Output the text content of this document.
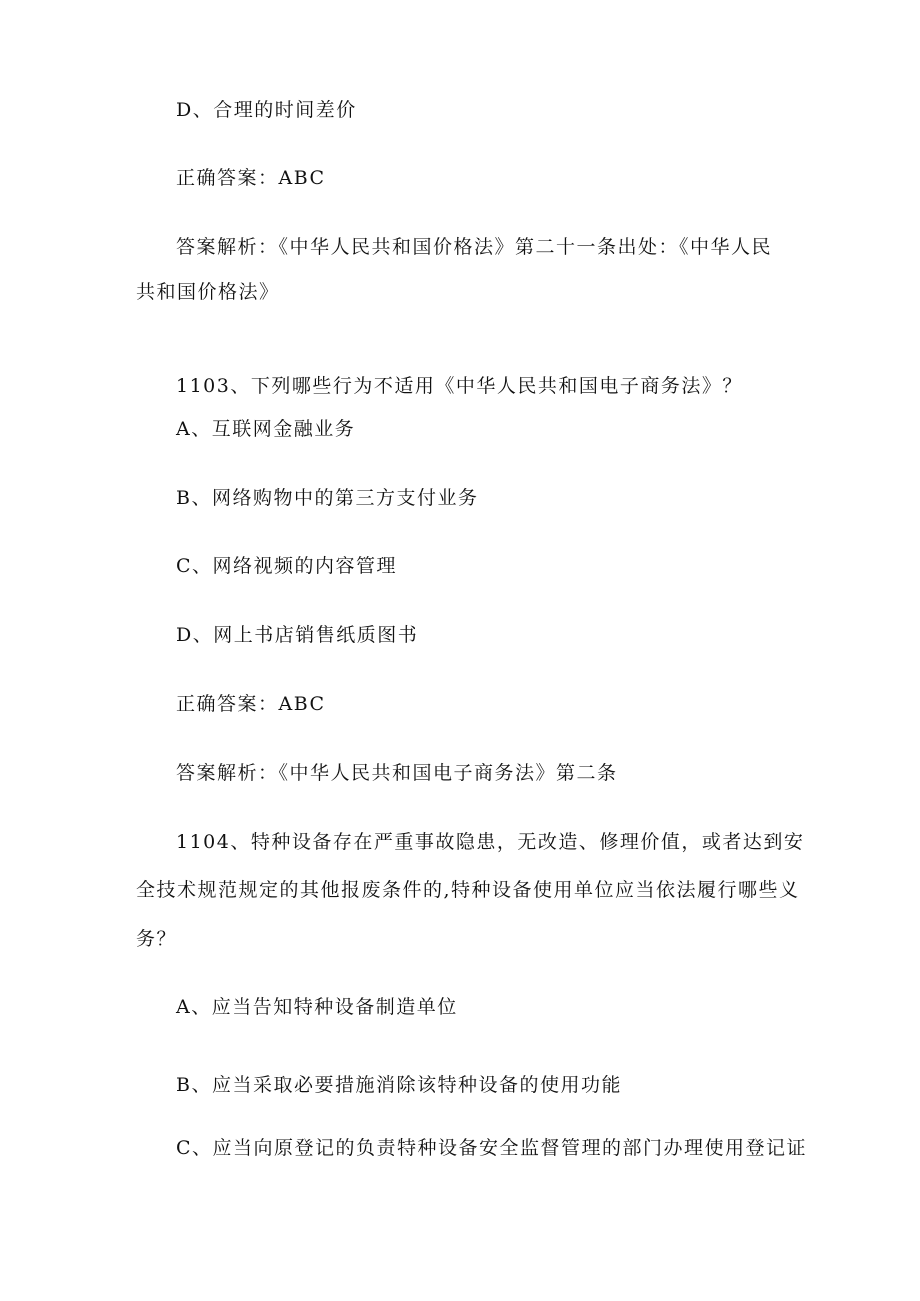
D、合理的时间差价
正确答案：ABC
答案解析：《中华人民共和国价格法》第二十一条出处：《中华人民
共和国价格法》
1103、下列哪些行为不适用《中华人民共和国电子商务法》？
A、互联网金融业务
B、网络购物中的第三方支付业务
C、网络视频的内容管理
D、网上书店销售纸质图书
正确答案：ABC
答案解析：《中华人民共和国电子商务法》第二条
1104、特种设备存在严重事故隐患，无改造、修理价值，或者达到安
全技术规范规定的其他报废条件的,特种设备使用单位应当依法履行哪些义
务？
A、应当告知特种设备制造单位
B、应当采取必要措施消除该特种设备的使用功能
C、应当向原登记的负责特种设备安全监督管理的部门办理使用登记证
